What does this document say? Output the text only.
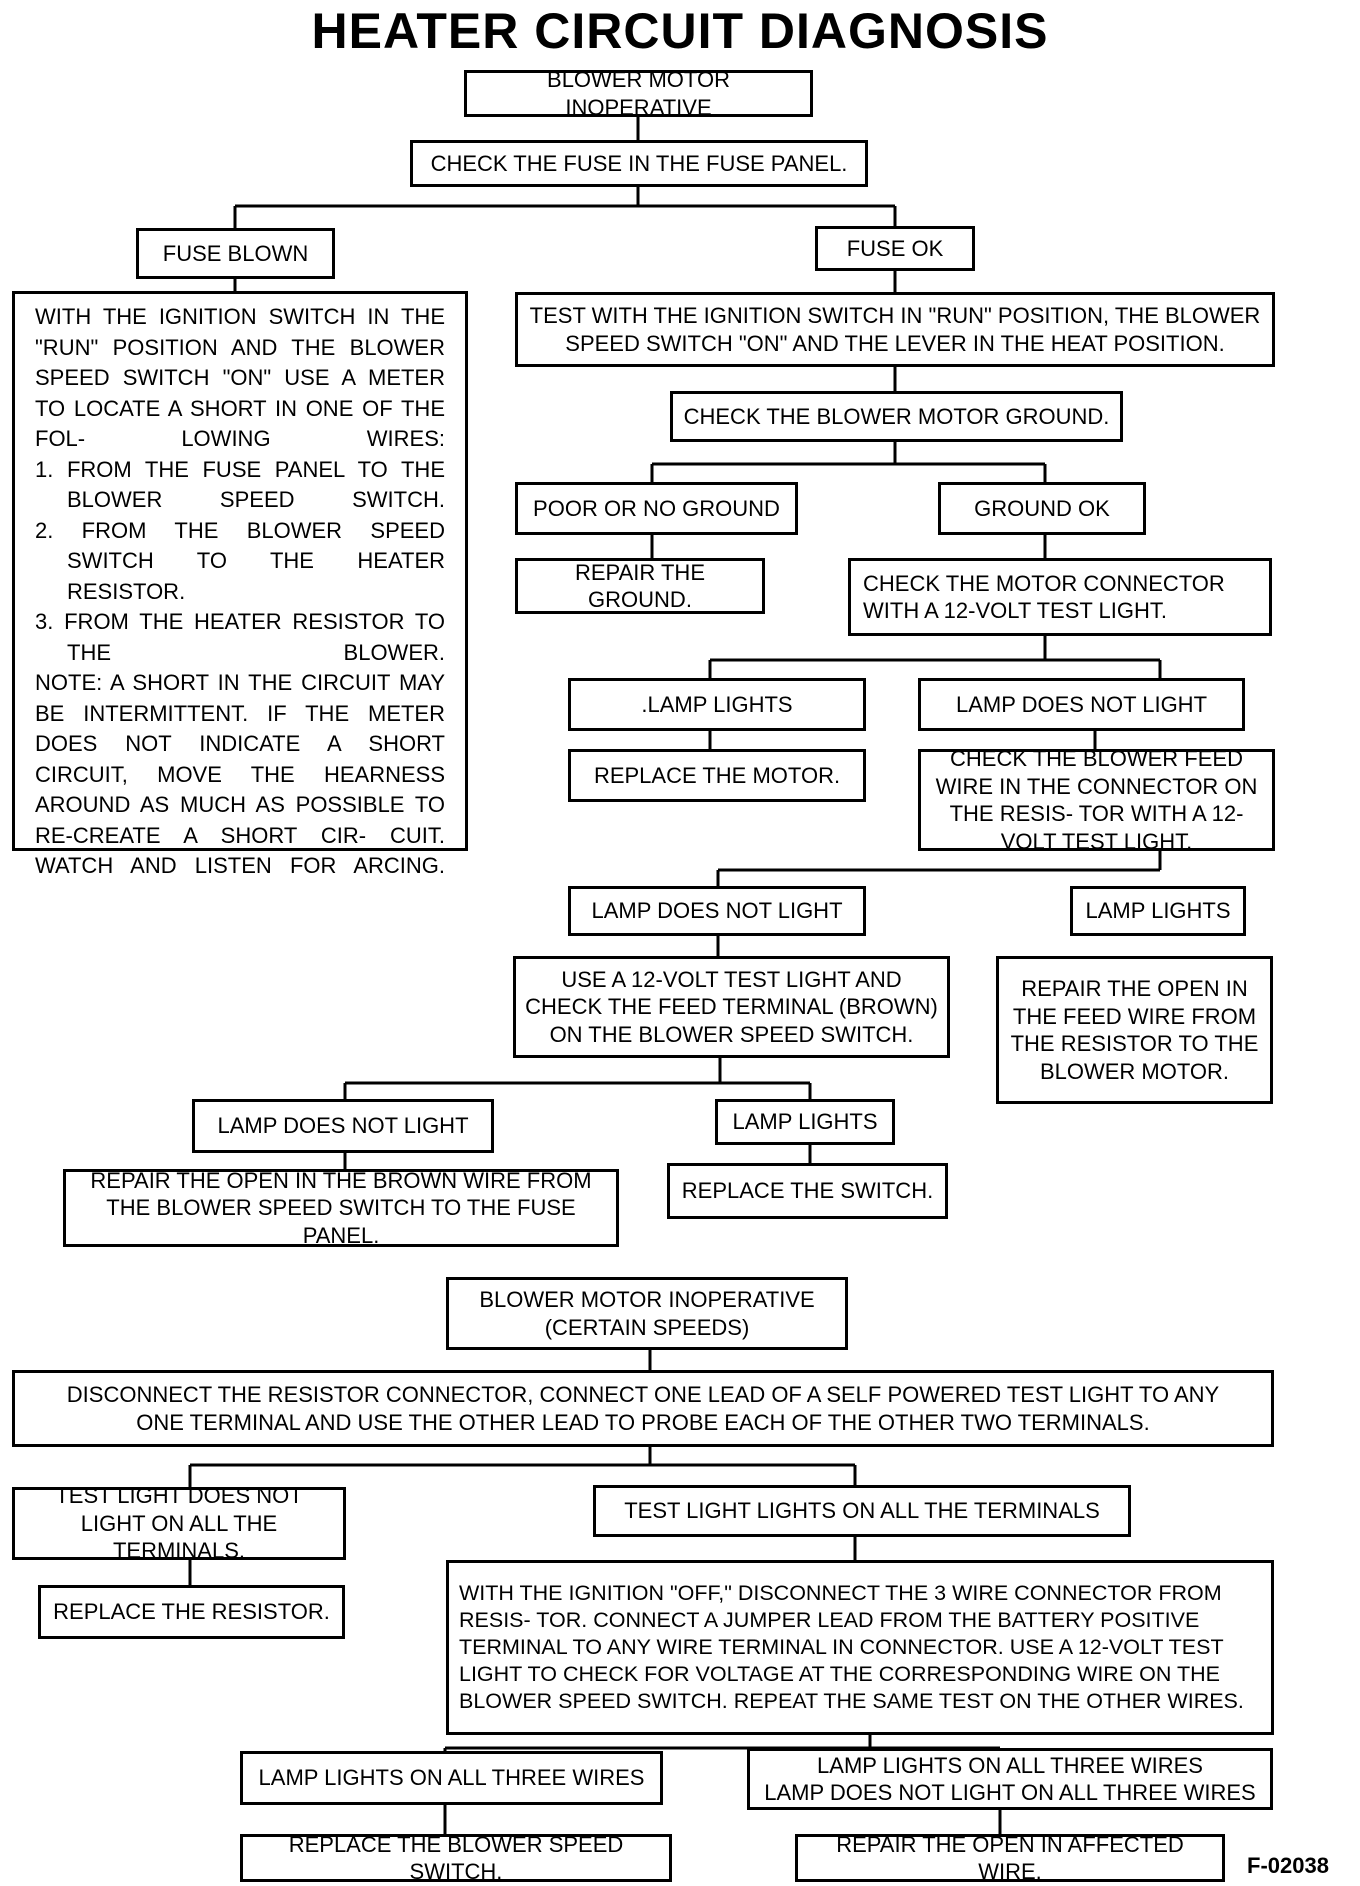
HEATER CIRCUIT DIAGNOSIS
BLOWER MOTOR INOPERATIVE
CHECK THE FUSE IN THE FUSE PANEL.
FUSE BLOWN	FUSE OK
WITH THE IGNITION SWITCH IN THE "RUN" POSITION AND THE BLOWER SPEED SWITCH "ON" USE A METER TO LOCATE A SHORT IN ONE OF THE FOL- LOWING WIRES:
1. FROM THE FUSE PANEL TO THE BLOWER SPEED SWITCH.
2. FROM THE BLOWER SPEED SWITCH TO THE HEATER RESISTOR.
3. FROM THE HEATER RESISTOR TO THE BLOWER.
NOTE: A SHORT IN THE CIRCUIT MAY BE INTERMITTENT. IF THE METER DOES NOT INDICATE A SHORT CIRCUIT, MOVE THE HEARNESS AROUND AS MUCH AS POSSIBLE TO RE-CREATE A SHORT CIR- CUIT. WATCH AND LISTEN FOR ARCING.
TEST WITH THE IGNITION SWITCH IN "RUN" POSITION, THE BLOWER SPEED SWITCH "ON" AND THE LEVER IN THE HEAT POSITION.
CHECK THE BLOWER MOTOR GROUND.
POOR OR NO GROUND	GROUND OK
REPAIR THE GROUND.
CHECK THE MOTOR CONNECTOR WITH A 12-VOLT TEST LIGHT.
.LAMP LIGHTS	LAMP DOES NOT LIGHT
REPLACE THE MOTOR.
CHECK THE BLOWER FEED WIRE IN THE CONNECTOR ON THE RESIS- TOR WITH A 12-VOLT TEST LIGHT.
LAMP DOES NOT LIGHT	LAMP LIGHTS
USE A 12-VOLT TEST LIGHT AND CHECK THE FEED TERMINAL (BROWN) ON THE BLOWER SPEED SWITCH.
REPAIR THE OPEN IN THE FEED WIRE FROM THE RESISTOR TO THE BLOWER MOTOR.
LAMP DOES NOT LIGHT	LAMP LIGHTS
REPAIR THE OPEN IN THE BROWN WIRE FROM THE BLOWER SPEED SWITCH TO THE FUSE PANEL.
REPLACE THE SWITCH.
BLOWER MOTOR INOPERATIVE
(CERTAIN SPEEDS)
DISCONNECT THE RESISTOR CONNECTOR, CONNECT ONE LEAD OF A SELF POWERED TEST LIGHT TO ANY ONE TERMINAL AND USE THE OTHER LEAD TO PROBE EACH OF THE OTHER TWO TERMINALS.
TEST LIGHT DOES NOT LIGHT ON ALL THE TERMINALS.
TEST LIGHT LIGHTS ON ALL THE TERMINALS
REPLACE THE RESISTOR.
WITH THE IGNITION "OFF," DISCONNECT THE 3 WIRE CONNECTOR FROM RESIS- TOR. CONNECT A JUMPER LEAD FROM THE BATTERY POSITIVE TERMINAL TO ANY WIRE TERMINAL IN CONNECTOR. USE A 12-VOLT TEST LIGHT TO CHECK FOR VOLTAGE AT THE CORRESPONDING WIRE ON THE BLOWER SPEED SWITCH. REPEAT THE SAME TEST ON THE OTHER WIRES.
LAMP LIGHTS ON ALL THREE WIRES
LAMP LIGHTS ON ALL THREE WIRES
LAMP DOES NOT LIGHT ON ALL THREE WIRES
REPLACE THE BLOWER SPEED SWITCH.
REPAIR THE OPEN IN AFFECTED WIRE.	F-02038
